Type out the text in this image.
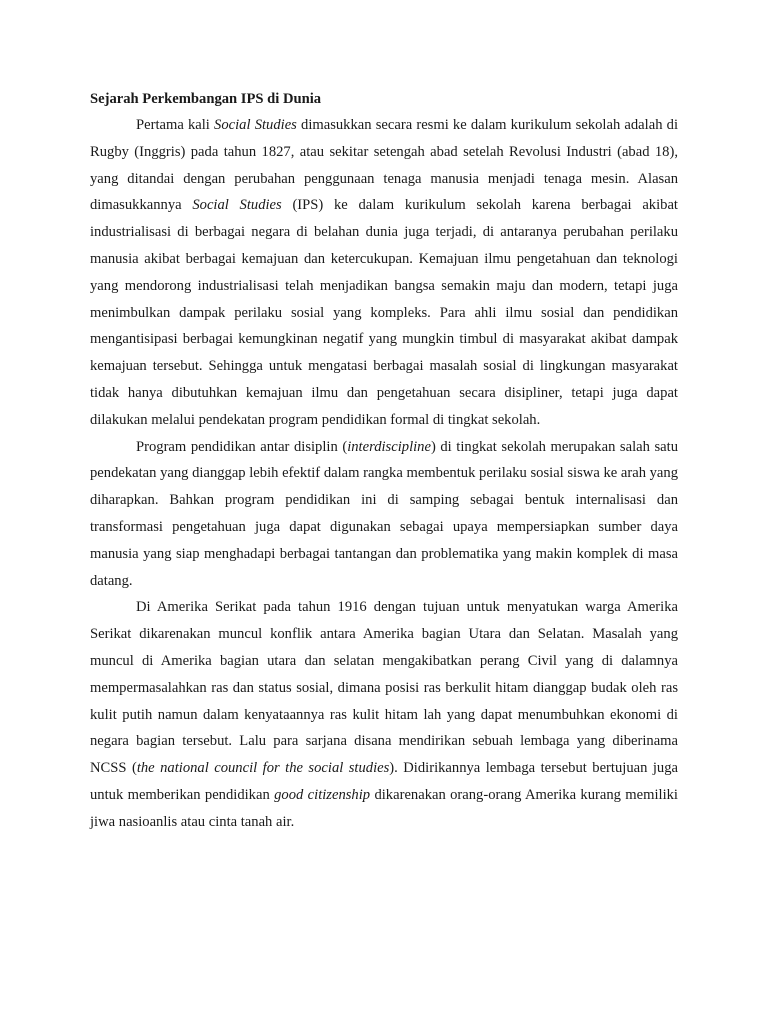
Sejarah Perkembangan IPS di Dunia

Pertama kali Social Studies dimasukkan secara resmi ke dalam kurikulum sekolah adalah di Rugby (Inggris) pada tahun 1827, atau sekitar setengah abad setelah Revolusi Industri (abad 18), yang ditandai dengan perubahan penggunaan tenaga manusia menjadi tenaga mesin. Alasan dimasukkannya Social Studies (IPS) ke dalam kurikulum sekolah karena berbagai akibat industrialisasi di berbagai negara di belahan dunia juga terjadi, di antaranya perubahan perilaku manusia akibat berbagai kemajuan dan ketercukupan. Kemajuan ilmu pengetahuan dan teknologi yang mendorong industrialisasi telah menjadikan bangsa semakin maju dan modern, tetapi juga menimbulkan dampak perilaku sosial yang kompleks. Para ahli ilmu sosial dan pendidikan mengantisipasi berbagai kemungkinan negatif yang mungkin timbul di masyarakat akibat dampak kemajuan tersebut. Sehingga untuk mengatasi berbagai masalah sosial di lingkungan masyarakat tidak hanya dibutuhkan kemajuan ilmu dan pengetahuan secara disipliner, tetapi juga dapat dilakukan melalui pendekatan program pendidikan formal di tingkat sekolah.

Program pendidikan antar disiplin (interdiscipline) di tingkat sekolah merupakan salah satu pendekatan yang dianggap lebih efektif dalam rangka membentuk perilaku sosial siswa ke arah yang diharapkan. Bahkan program pendidikan ini di samping sebagai bentuk internalisasi dan transformasi pengetahuan juga dapat digunakan sebagai upaya mempersiapkan sumber daya manusia yang siap menghadapi berbagai tantangan dan problematika yang makin komplek di masa datang.

Di Amerika Serikat pada tahun 1916 dengan tujuan untuk menyatukan warga Amerika Serikat dikarenakan muncul konflik antara Amerika bagian Utara dan Selatan. Masalah yang muncul di Amerika bagian utara dan selatan mengakibatkan perang Civil yang di dalamnya mempermasalahkan ras dan status sosial, dimana posisi ras berkulit hitam dianggap budak oleh ras kulit putih namun dalam kenyataannya ras kulit hitam lah yang dapat menumbuhkan ekonomi di negara bagian tersebut. Lalu para sarjana disana mendirikan sebuah lembaga yang diberinama NCSS (the national council for the social studies). Didirikannya lembaga tersebut bertujuan juga untuk memberikan pendidikan good citizenship dikarenakan orang-orang Amerika kurang memiliki jiwa nasioanlis atau cinta tanah air.
